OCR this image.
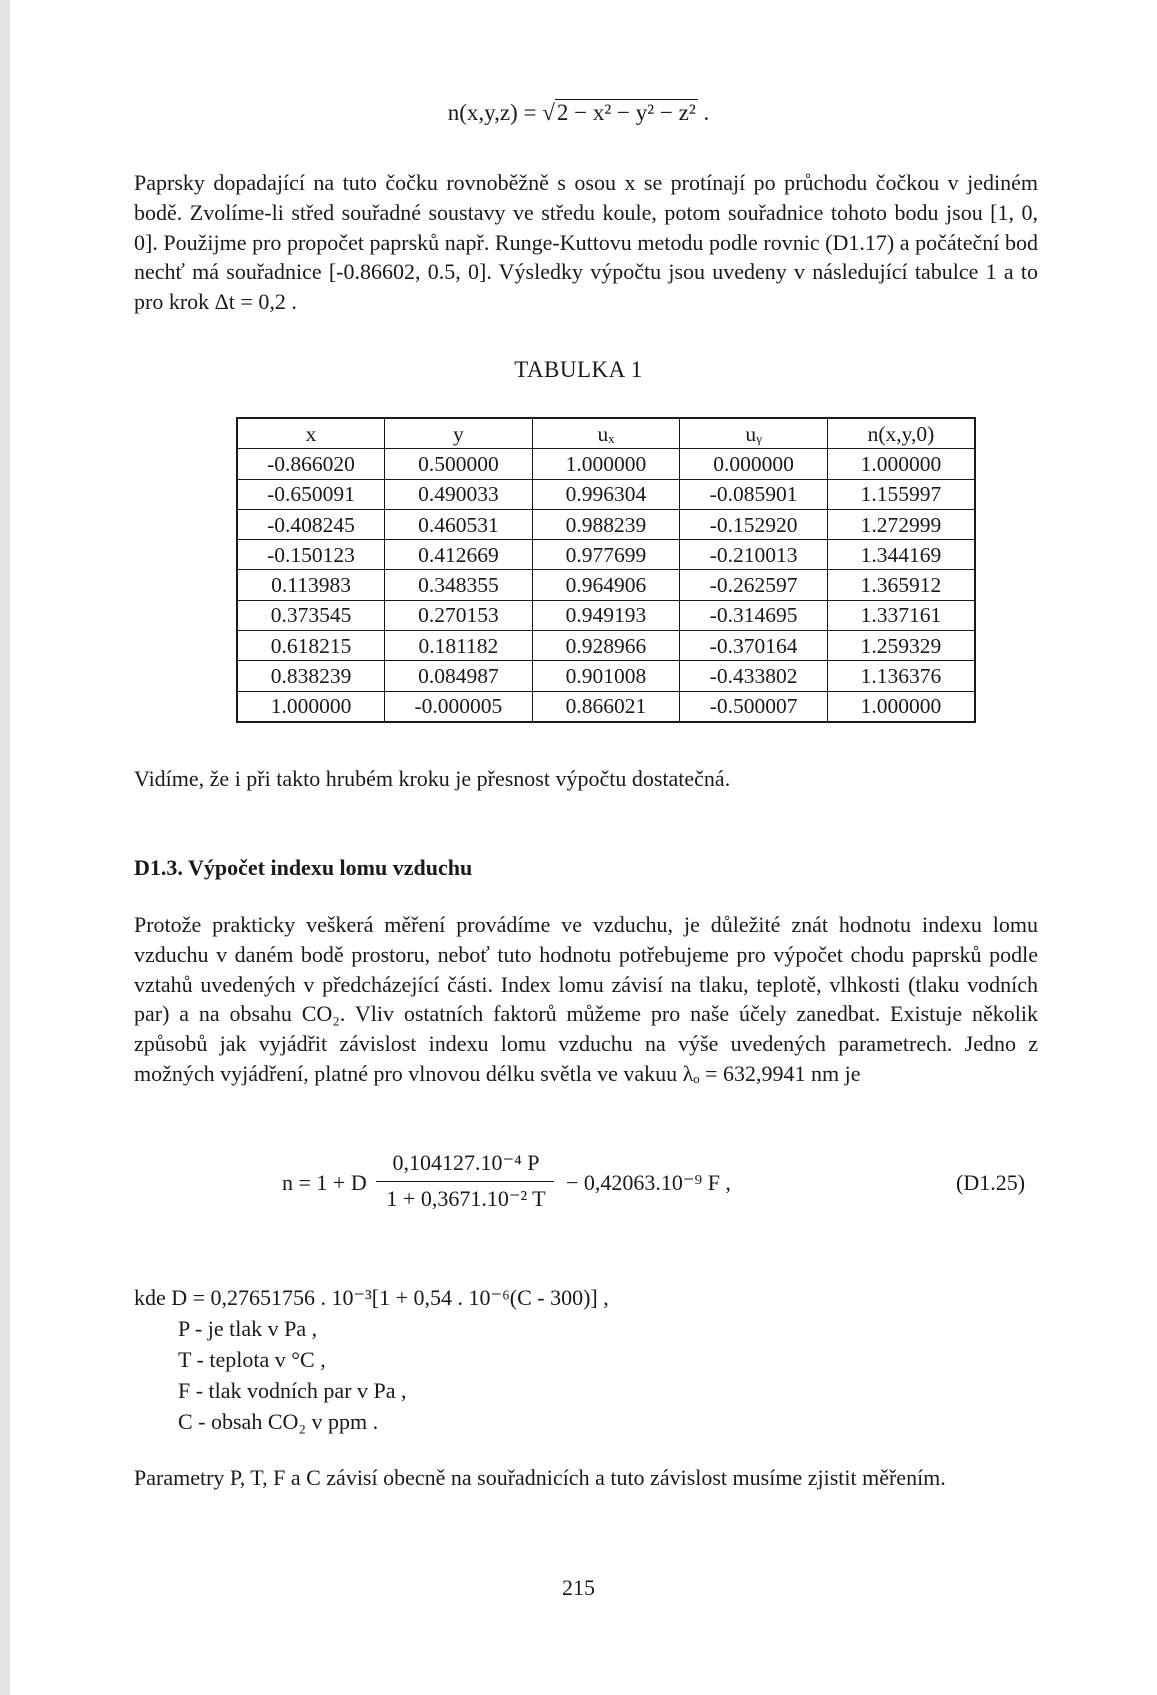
n(x,y,z) = √2 − x² − y² − z² .
Paprsky dopadající na tuto čočku rovnoběžně s osou x se protínají po průchodu čočkou v jediném bodě. Zvolíme-li střed souřadné soustavy ve středu koule, potom souřadnice tohoto bodu jsou [1, 0, 0]. Použijme pro propočet paprsků např. Runge-Kuttovu metodu podle rovnic (D1.17) a počáteční bod nechť má souřadnice [-0.86602, 0.5, 0]. Výsledky výpočtu jsou uvedeny v následující tabulce 1 a to pro krok Δt = 0,2 .
TABULKA 1
x	y	uₓ	uᵧ	n(x,y,0)
-0.866020	0.500000	1.000000	0.000000	1.000000
-0.650091	0.490033	0.996304	-0.085901	1.155997
-0.408245	0.460531	0.988239	-0.152920	1.272999
-0.150123	0.412669	0.977699	-0.210013	1.344169
0.113983	0.348355	0.964906	-0.262597	1.365912
0.373545	0.270153	0.949193	-0.314695	1.337161
0.618215	0.181182	0.928966	-0.370164	1.259329
0.838239	0.084987	0.901008	-0.433802	1.136376
1.000000	-0.000005	0.866021	-0.500007	1.000000
Vidíme, že i při takto hrubém kroku je přesnost výpočtu dostatečná.
D1.3. Výpočet indexu lomu vzduchu
Protože prakticky veškerá měření provádíme ve vzduchu, je důležité znát hodnotu indexu lomu vzduchu v daném bodě prostoru, neboť tuto hodnotu potřebujeme pro výpočet chodu paprsků podle vztahů uvedených v předcházející části. Index lomu závisí na tlaku, teplotě, vlhkosti (tlaku vodních par) a na obsahu CO₂. Vliv ostatních faktorů můžeme pro naše účely zanedbat. Existuje několik způsobů jak vyjádřit závislost indexu lomu vzduchu na výše uvedených parametrech. Jedno z možných vyjádření, platné pro vlnovou délku světla ve vakuu λₒ = 632,9941 nm je
n = 1 + D
0,104127.10⁻⁴ P
1 + 0,3671.10⁻² T
− 0,42063.10⁻⁹ F ,	(D1.25)
kde D = 0,27651756 . 10⁻³[1 + 0,54 . 10⁻⁶(C - 300)] ,
P - je tlak v Pa ,
T - teplota v °C ,
F - tlak vodních par v Pa ,
C - obsah CO₂ v ppm .
Parametry P, T, F a C závisí obecně na souřadnicích a tuto závislost musíme zjistit měřením.
215
